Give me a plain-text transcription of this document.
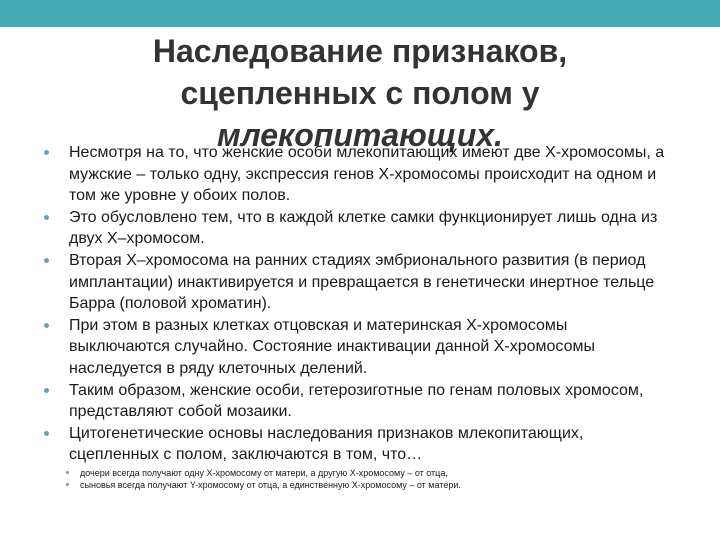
Наследование признаков,
сцепленных с полом у
млекопитающих.
Несмотря на то, что женские особи млекопитающих имеют две X-хромосомы, а мужские – только одну, экспрессия генов X-хромосомы происходит на одном и том же уровне у обоих полов.
Это обусловлено тем, что в каждой клетке самки функционирует лишь одна из двух X–хромосом.
Вторая X–хромосома на ранних стадиях эмбрионального развития (в период имплантации) инактивируется и превращается в генетически инертное тельце Барра (половой хроматин).
При этом в разных клетках отцовская и материнская X-хромосомы выключаются случайно. Состояние инактивации данной X-хромосомы наследуется в ряду клеточных делений.
Таким образом, женские особи, гетерозиготные по генам половых хромосом, представляют собой мозаики.
Цитогенетические основы наследования признаков млекопитающих, сцепленных с полом, заключаются в том, что…
дочери всегда получают одну X-хромосому от матери, а другую X-хромосому – от отца,
сыновья всегда получают Y-хромосому от отца, а единственную X-хромосому – от матери.
